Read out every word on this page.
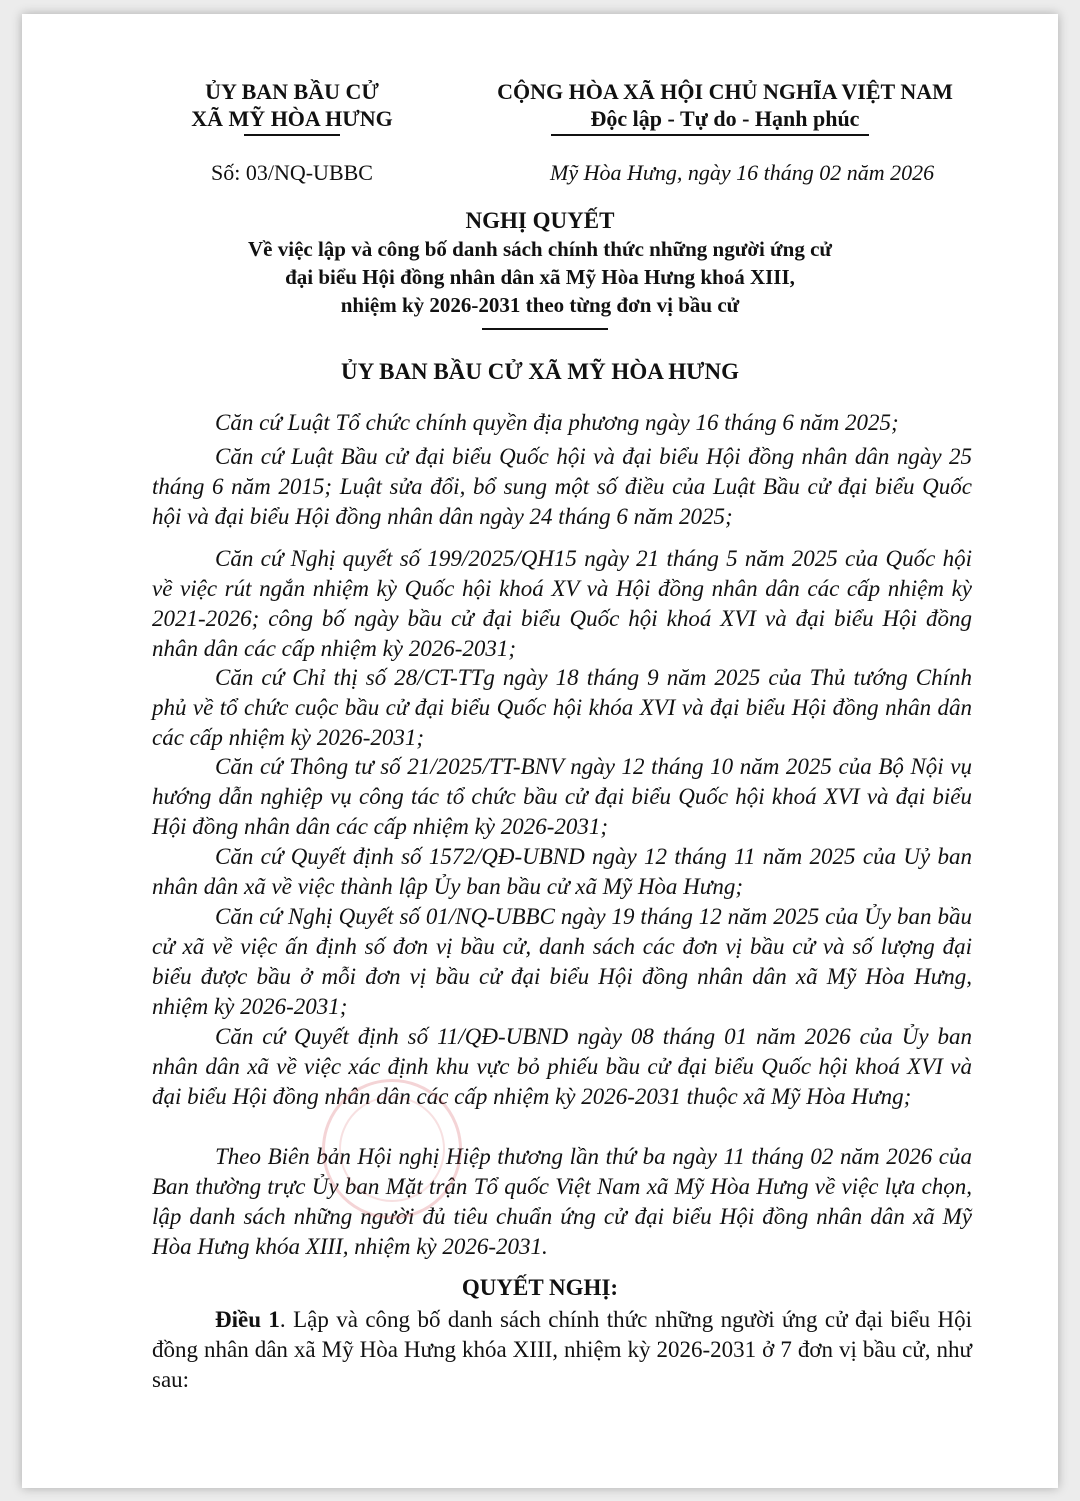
ỦY BAN BẦU CỬ
XÃ MỸ HÒA HƯNG
CỘNG HÒA XÃ HỘI CHỦ NGHĨA VIỆT NAM
Độc lập - Tự do - Hạnh phúc
Số: 03/NQ-UBBC	Mỹ Hòa Hưng, ngày 16 tháng 02 năm 2026
NGHỊ QUYẾT
Về việc lập và công bố danh sách chính thức những người ứng cử
đại biểu Hội đồng nhân dân xã Mỹ Hòa Hưng khoá XIII,
nhiệm kỳ 2026-2031 theo từng đơn vị bầu cử
ỦY BAN BẦU CỬ XÃ MỸ HÒA HƯNG

Căn cứ Luật Tổ chức chính quyền địa phương ngày 16 tháng 6 năm 2025;

Căn cứ Luật Bầu cử đại biểu Quốc hội và đại biểu Hội đồng nhân dân ngày 25 tháng 6 năm 2015; Luật sửa đổi, bổ sung một số điều của Luật Bầu cử đại biểu Quốc hội và đại biểu Hội đồng nhân dân ngày 24 tháng 6 năm 2025;

Căn cứ Nghị quyết số 199/2025/QH15 ngày 21 tháng 5 năm 2025 của Quốc hội về việc rút ngắn nhiệm kỳ Quốc hội khoá XV và Hội đồng nhân dân các cấp nhiệm kỳ 2021-2026; công bố ngày bầu cử đại biểu Quốc hội khoá XVI và đại biểu Hội đồng nhân dân các cấp nhiệm kỳ 2026-2031;

Căn cứ Chỉ thị số 28/CT-TTg ngày 18 tháng 9 năm 2025 của Thủ tướng Chính phủ về tổ chức cuộc bầu cử đại biểu Quốc hội khóa XVI và đại biểu Hội đồng nhân dân các cấp nhiệm kỳ 2026-2031;

Căn cứ Thông tư số 21/2025/TT-BNV ngày 12 tháng 10 năm 2025 của Bộ Nội vụ hướng dẫn nghiệp vụ công tác tổ chức bầu cử đại biểu Quốc hội khoá XVI và đại biểu Hội đồng nhân dân các cấp nhiệm kỳ 2026-2031;

Căn cứ Quyết định số 1572/QĐ-UBND ngày 12 tháng 11 năm 2025 của Uỷ ban nhân dân xã về việc thành lập Ủy ban bầu cử xã Mỹ Hòa Hưng;

Căn cứ Nghị Quyết số 01/NQ-UBBC ngày 19 tháng 12 năm 2025 của Ủy ban bầu cử xã về việc ấn định số đơn vị bầu cử, danh sách các đơn vị bầu cử và số lượng đại biểu được bầu ở mỗi đơn vị bầu cử đại biểu Hội đồng nhân dân xã Mỹ Hòa Hưng, nhiệm kỳ 2026-2031;

Căn cứ Quyết định số 11/QĐ-UBND ngày 08 tháng 01 năm 2026 của Ủy ban nhân dân xã về việc xác định khu vực bỏ phiếu bầu cử đại biểu Quốc hội khoá XVI và đại biểu Hội đồng nhân dân các cấp nhiệm kỳ 2026-2031 thuộc xã Mỹ Hòa Hưng;

Theo Biên bản Hội nghị Hiệp thương lần thứ ba ngày 11 tháng 02 năm 2026 của Ban thường trực Ủy ban Mặt trận Tổ quốc Việt Nam xã Mỹ Hòa Hưng về việc lựa chọn, lập danh sách những người đủ tiêu chuẩn ứng cử đại biểu Hội đồng nhân dân xã Mỹ Hòa Hưng khóa XIII, nhiệm kỳ 2026-2031.

QUYẾT NGHỊ:

Điều 1. Lập và công bố danh sách chính thức những người ứng cử đại biểu Hội đồng nhân dân xã Mỹ Hòa Hưng khóa XIII, nhiệm kỳ 2026-2031 ở 7 đơn vị bầu cử, như sau:
